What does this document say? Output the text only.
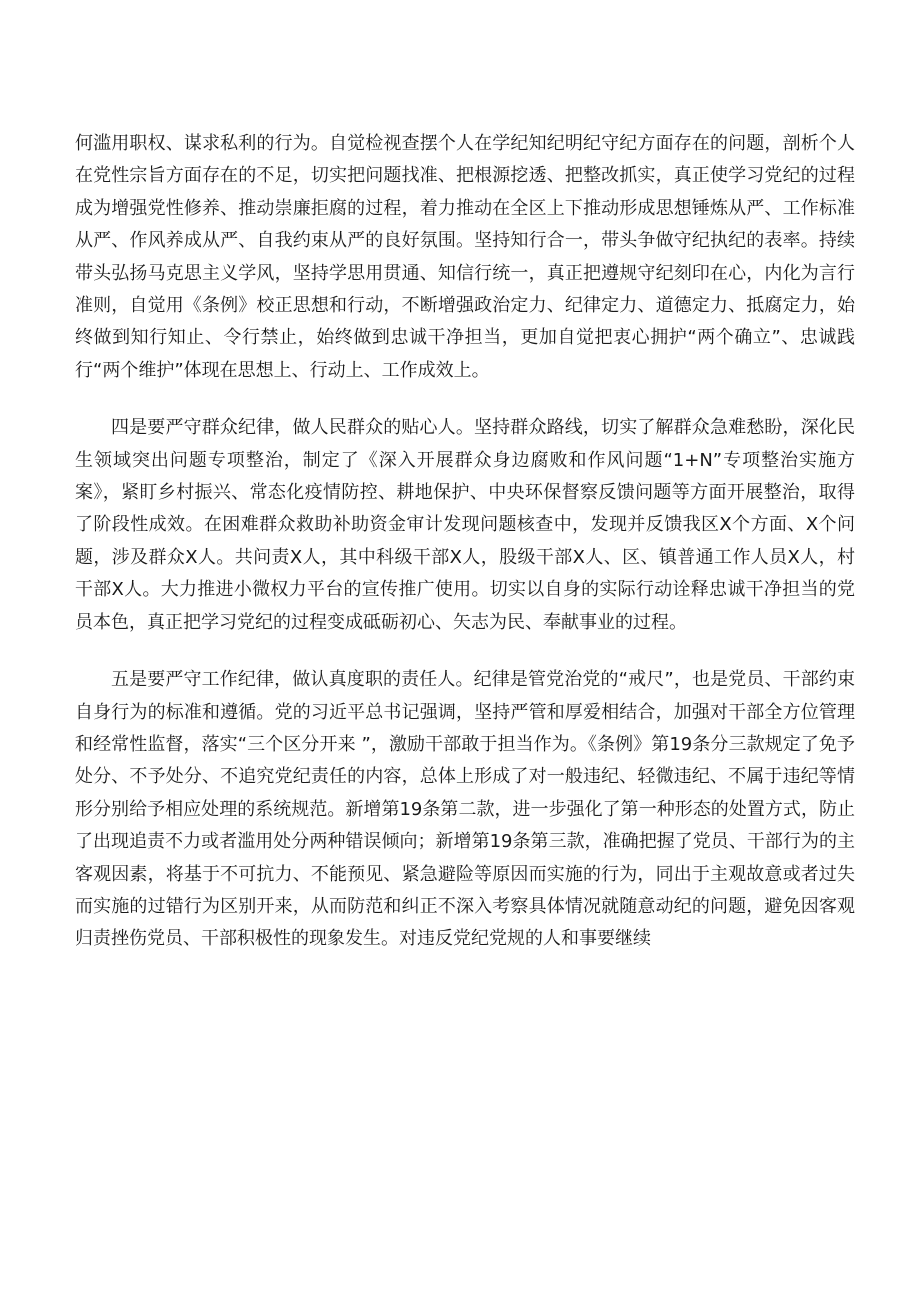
何滥用职权、谋求私利的行为。自觉检视查摆个人在学纪知纪明纪守纪方面存在的问题，剖析个人在党性宗旨方面存在的不足，切实把问题找准、把根源挖透、把整改抓实，真正使学习党纪的过程成为增强党性修养、推动崇廉拒腐的过程，着力推动在全区上下推动形成思想锤炼从严、工作标准从严、作风养成从严、自我约束从严的良好氛围。坚持知行合一，带头争做守纪执纪的表率。持续带头弘扬马克思主义学风，坚持学思用贯通、知信行统一，真正把遵规守纪刻印在心，内化为言行准则，自觉用《条例》校正思想和行动，不断增强政治定力、纪律定力、道德定力、抵腐定力，始终做到知行知止、令行禁止，始终做到忠诚干净担当，更加自觉把衷心拥护“两个确立”、忠诚践行“两个维护”体现在思想上、行动上、工作成效上。

四是要严守群众纪律，做人民群众的贴心人。坚持群众路线，切实了解群众急难愁盼，深化民生领域突出问题专项整治，制定了《深入开展群众身边腐败和作风问题“1+N”专项整治实施方案》，紧盯乡村振兴、常态化疫情防控、耕地保护、中央环保督察反馈问题等方面开展整治，取得了阶段性成效。在困难群众救助补助资金审计发现问题核查中，发现并反馈我区X个方面、X个问题，涉及群众X人。共问责X人，其中科级干部X人，股级干部X人、区、镇普通工作人员X人，村干部X人。大力推进小微权力平台的宣传推广使用。切实以自身的实际行动诠释忠诚干净担当的党员本色，真正把学习党纪的过程变成砥砺初心、矢志为民、奉献事业的过程。

五是要严守工作纪律，做认真度职的责任人。纪律是管党治党的“戒尺”，也是党员、干部约束自身行为的标准和遵循。党的习近平总书记强调，坚持严管和厚爱相结合，加强对干部全方位管理和经常性监督，落实“三个区分开来 ”，激励干部敢于担当作为。《条例》第19条分三款规定了免予处分、不予处分、不追究党纪责任的内容，总体上形成了对一般违纪、轻微违纪、不属于违纪等情形分别给予相应处理的系统规范。新增第19条第二款，进一步强化了第一种形态的处置方式，防止了出现追责不力或者滥用处分两种错误倾向；新增第19条第三款，准确把握了党员、干部行为的主客观因素，将基于不可抗力、不能预见、紧急避险等原因而实施的行为，同出于主观故意或者过失而实施的过错行为区别开来，从而防范和纠正不深入考察具体情况就随意动纪的问题，避免因客观归责挫伤党员、干部积极性的现象发生。对违反党纪党规的人和事要继续
